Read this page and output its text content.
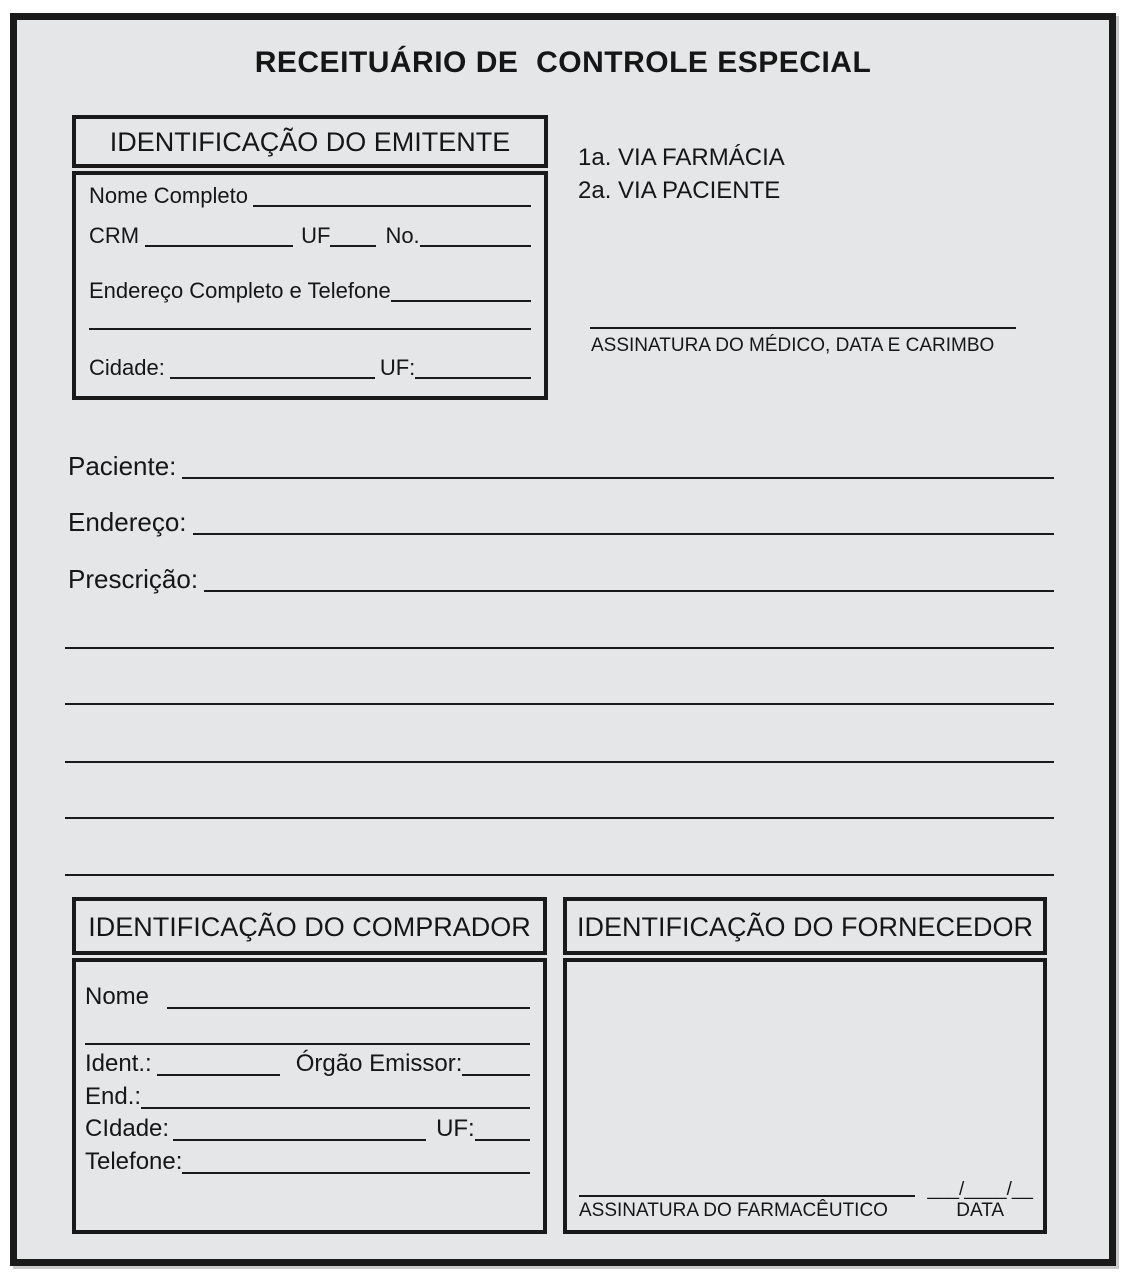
RECEITUÁRIO DE  CONTROLE ESPECIAL
IDENTIFICAÇÃO DO EMITENTE
Nome Completo
CRM	UF	No.
Endereço Completo e Telefone
Cidade:	UF:
1a. VIA FARMÁCIA
2a. VIA PACIENTE
ASSINATURA DO MÉDICO, DATA E CARIMBO
Paciente:
Endereço:
Prescrição:
IDENTIFICAÇÃO DO COMPRADOR
Nome
Ident.:	Órgão Emissor:
End.:
CIdade:	UF:
Telefone:
IDENTIFICAÇÃO DO FORNECEDOR
ASSINATURA DO FARMACÊUTICO
___/____/__
DATA
